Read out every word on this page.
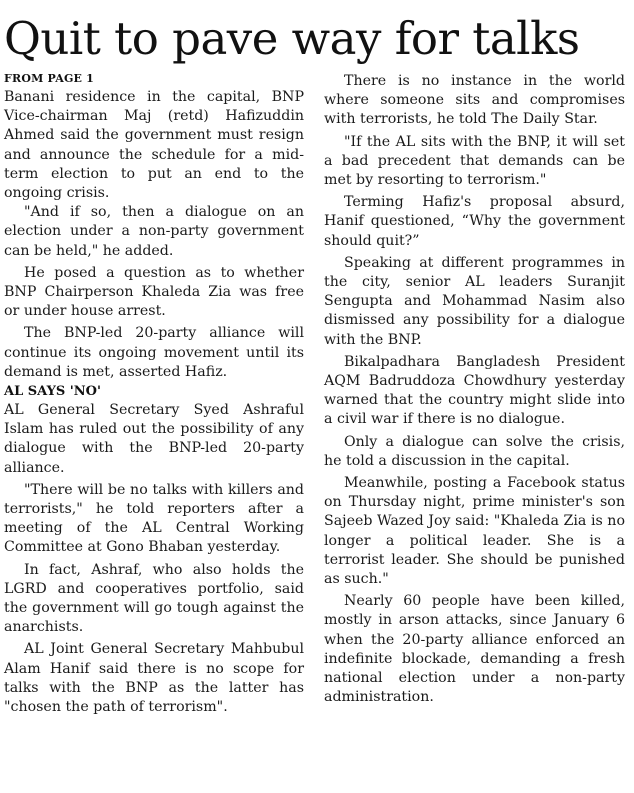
Quit to pave way for talks
FROM PAGE 1

Banani residence in the capital, BNP Vice-chairman Maj (retd) Hafizuddin Ahmed said the government must resign and announce the schedule for a mid-term election to put an end to the ongoing crisis.

"And if so, then a dialogue on an election under a non-party government can be held," he added.

He posed a question as to whether BNP Chairperson Khaleda Zia was free or under house arrest.

The BNP-led 20-party alliance will continue its ongoing movement until its demand is met, asserted Hafiz.

AL SAYS 'NO'

AL General Secretary Syed Ashraful Islam has ruled out the possibility of any dialogue with the BNP-led 20-party alliance.

"There will be no talks with killers and terrorists," he told reporters after a meeting of the AL Central Working Committee at Gono Bhaban yesterday.

In fact, Ashraf, who also holds the LGRD and cooperatives portfolio, said the government will go tough against the anarchists.

AL Joint General Secretary Mahbubul Alam Hanif said there is no scope for talks with the BNP as the latter has "chosen the path of terrorism".

There is no instance in the world where someone sits and compromises with terrorists, he told The Daily Star.

"If the AL sits with the BNP, it will set a bad precedent that demands can be met by resorting to terrorism."

Terming Hafiz's proposal absurd, Hanif questioned, “Why the government should quit?”

Speaking at different programmes in the city, senior AL leaders Suranjit Sengupta and Mohammad Nasim also dismissed any possibility for a dialogue with the BNP.

Bikalpadhara Bangladesh President AQM Badruddoza Chowdhury yesterday warned that the country might slide into a civil war if there is no dialogue.

Only a dialogue can solve the crisis, he told a discussion in the capital.

Meanwhile, posting a Facebook status on Thursday night, prime minister's son Sajeeb Wazed Joy said: "Khaleda Zia is no longer a political leader. She is a terrorist leader. She should be punished as such."

Nearly 60 people have been killed, mostly in arson attacks, since January 6 when the 20-party alliance enforced an indefinite blockade, demanding a fresh national election under a non-party administration.
